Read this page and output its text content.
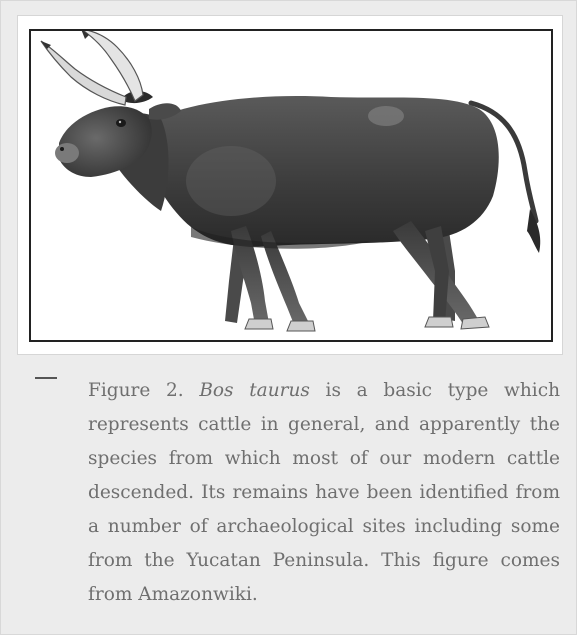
Figure 2. Bos taurus is a basic type which represents cattle in general, and apparently the species from which most of our modern cattle descended. Its remains have been identified from a number of archaeological sites including some from the Yucatan Peninsula. This figure comes from Amazonwiki.
